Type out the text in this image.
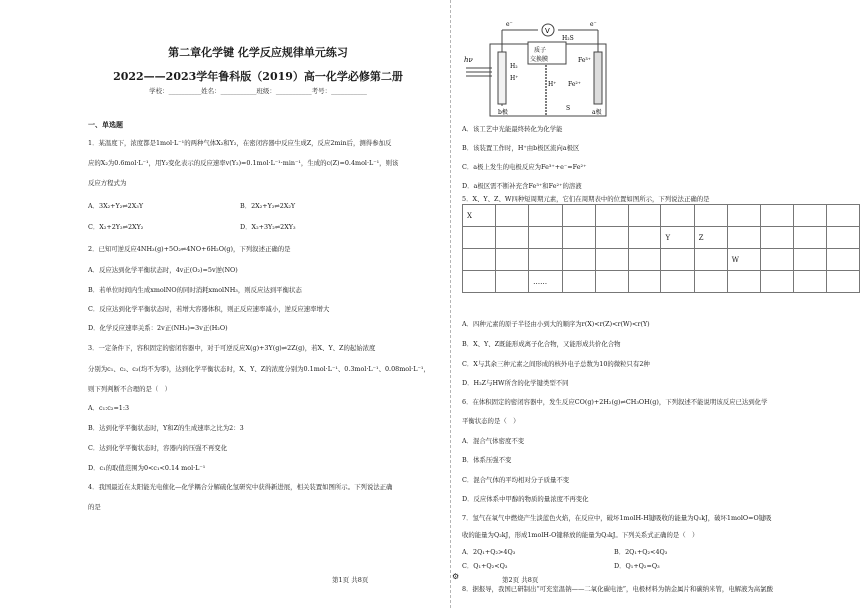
第二章化学键 化学反应规律单元练习
2022——2023学年鲁科版（2019）高一化学必修第二册
学校：__________姓名：___________班级：___________考号：___________
一、单选题
1．某温度下，浓度都是1mol·L⁻¹的两种气体X₂和Y₂，在密闭容器中反应生成Z，反应2min后，测得参加反
应的X₂为0.6mol·L⁻¹，用Y₂变化表示的反应速率v(Y₂)=0.1mol·L⁻¹·min⁻¹，生成的c(Z)=0.4mol·L⁻¹，则该
反应方程式为
A．3X₂+Y₂⇌2X₃Y	B．2X₂+Y₂⇌2X₂Y
C．X₂+2Y₂⇌2XY₂	D．X₂+3Y₂⇌2XY₃
2．已知可逆反应4NH₃(g)+5O₂⇌4NO+6H₂O(g)，下列叙述正确的是
A．反应达到化学平衡状态时，4v正(O₂)=5v逆(NO)
B．若单位时间内生成xmolNO的同时消耗xmolNH₃，则反应达到平衡状态
C．反应达到化学平衡状态时，若增大容器体积，则正反应速率减小，逆反应速率增大
D．化学反应速率关系：2v正(NH₃)=3v正(H₂O)
3．一定条件下，容积固定的密闭容器中，对于可逆反应X(g)+3Y(g)⇌2Z(g)，若X、Y、Z的起始浓度
分别为c₁、c₂、c₃(均不为零)，达到化学平衡状态时，X、Y、Z的浓度分别为0.1mol·L⁻¹、0.3mol·L⁻¹、0.08mol·L⁻¹，
则下列判断不合理的是（　）
A．c₁:c₂=1:3
B．达到化学平衡状态时，Y和Z的生成速率之比为2：3
C．达到化学平衡状态时，容器内的压强不再变化
D．c₁的取值范围为0<c₁<0.14 mol·L⁻¹
4．我国最近在太阳能光电催化—化学耦合分解硫化氢研究中获得新进展，相关装置如图所示。下列说法正确
的是
第1页 共8页
V
e⁻	e⁻
hν
H₂
H⁺
b极
质子
交换膜
H⁺
H₂S
Fe³⁺
Fe²⁺
S
a极
A．该工艺中光能最终转化为化学能
B．该装置工作时，H⁺由b极区流向a极区
C．a极上发生的电极反应为Fe³⁺+e⁻=Fe²⁺
D．a极区需不断补充含Fe³⁺和Fe²⁺的溶液
5．X、Y、Z、W四种短周期元素，它们在周期表中的位置如图所示，下列说法正确的是
X											
						Y	Z				
								W			
		……									
A．四种元素的原子半径由小到大的顺序为r(X)<r(Z)<r(W)<r(Y)
B．X、Y、Z既能形成离子化合物，又能形成共价化合物
C．X与其余三种元素之间形成的核外电子总数为10的微粒只有2种
D．H₂Z与HW所含的化学键类型不同
6．在体积固定的密闭容器中，发生反应CO(g)+2H₂(g)⇌CH₃OH(g)，下列叙述不能说明该反应已达到化学
平衡状态的是（　）
A．混合气体密度不变
B．体系压强不变
C．混合气体的平均相对分子质量不变
D．反应体系中甲醇的物质的量浓度不再变化
7．氢气在氧气中燃烧产生淡蓝色火焰，在反应中，破坏1molH-H键吸收的能量为Q₁kJ，破坏1molO=O键吸
收的能量为Q₂kJ，形成1molH-O键释放的能量为Q₃kJ。下列关系式正确的是（　）
A．2Q₁+Q₂>4Q₃	B．2Q₁+Q₂<4Q₃
C．Q₁+Q₂<Q₃	D．Q₁+Q₂=Q₃
8．据报导，我国已研制出“可充室温钠——二氧化碳电池”，电极材料为钠金属片和碳纳米管，电解液为高氯酸
⚙	第2页 共8页
